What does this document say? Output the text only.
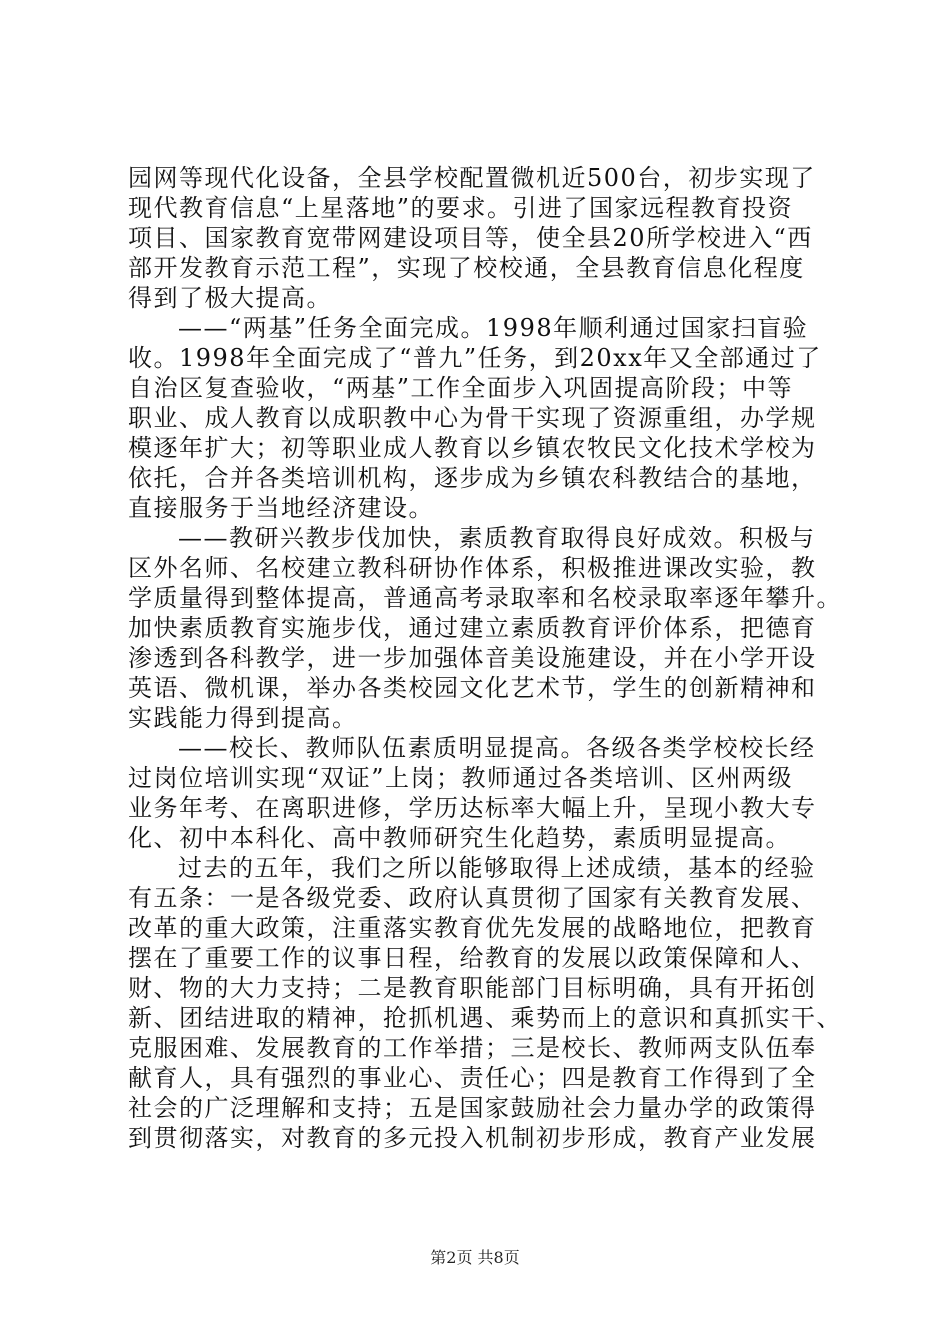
园网等现代化设备，全县学校配置微机近500台，初步实现了
现代教育信息“上星落地”的要求。引进了国家远程教育投资
项目、国家教育宽带网建设项目等，使全县20所学校进入“西
部开发教育示范工程”，实现了校校通，全县教育信息化程度
得到了极大提高。
——“两基”任务全面完成。1998年顺利通过国家扫盲验
收。1998年全面完成了“普九”任务，到20xx年又全部通过了
自治区复查验收，“两基”工作全面步入巩固提高阶段；中等
职业、成人教育以成职教中心为骨干实现了资源重组，办学规
模逐年扩大；初等职业成人教育以乡镇农牧民文化技术学校为
依托，合并各类培训机构，逐步成为乡镇农科教结合的基地，
直接服务于当地经济建设。
——教研兴教步伐加快，素质教育取得良好成效。积极与
区外名师、名校建立教科研协作体系，积极推进课改实验，教
学质量得到整体提高，普通高考录取率和名校录取率逐年攀升。
加快素质教育实施步伐，通过建立素质教育评价体系，把德育
渗透到各科教学，进一步加强体音美设施建设，并在小学开设
英语、微机课，举办各类校园文化艺术节，学生的创新精神和
实践能力得到提高。
——校长、教师队伍素质明显提高。各级各类学校校长经
过岗位培训实现“双证”上岗；教师通过各类培训、区州两级
业务年考、在离职进修，学历达标率大幅上升，呈现小教大专
化、初中本科化、高中教师研究生化趋势，素质明显提高。
过去的五年，我们之所以能够取得上述成绩，基本的经验
有五条：一是各级党委、政府认真贯彻了国家有关教育发展、
改革的重大政策，注重落实教育优先发展的战略地位，把教育
摆在了重要工作的议事日程，给教育的发展以政策保障和人、
财、物的大力支持；二是教育职能部门目标明确，具有开拓创
新、团结进取的精神，抢抓机遇、乘势而上的意识和真抓实干、
克服困难、发展教育的工作举措；三是校长、教师两支队伍奉
献育人，具有强烈的事业心、责任心；四是教育工作得到了全
社会的广泛理解和支持；五是国家鼓励社会力量办学的政策得
到贯彻落实，对教育的多元投入机制初步形成，教育产业发展
第2页 共8页
